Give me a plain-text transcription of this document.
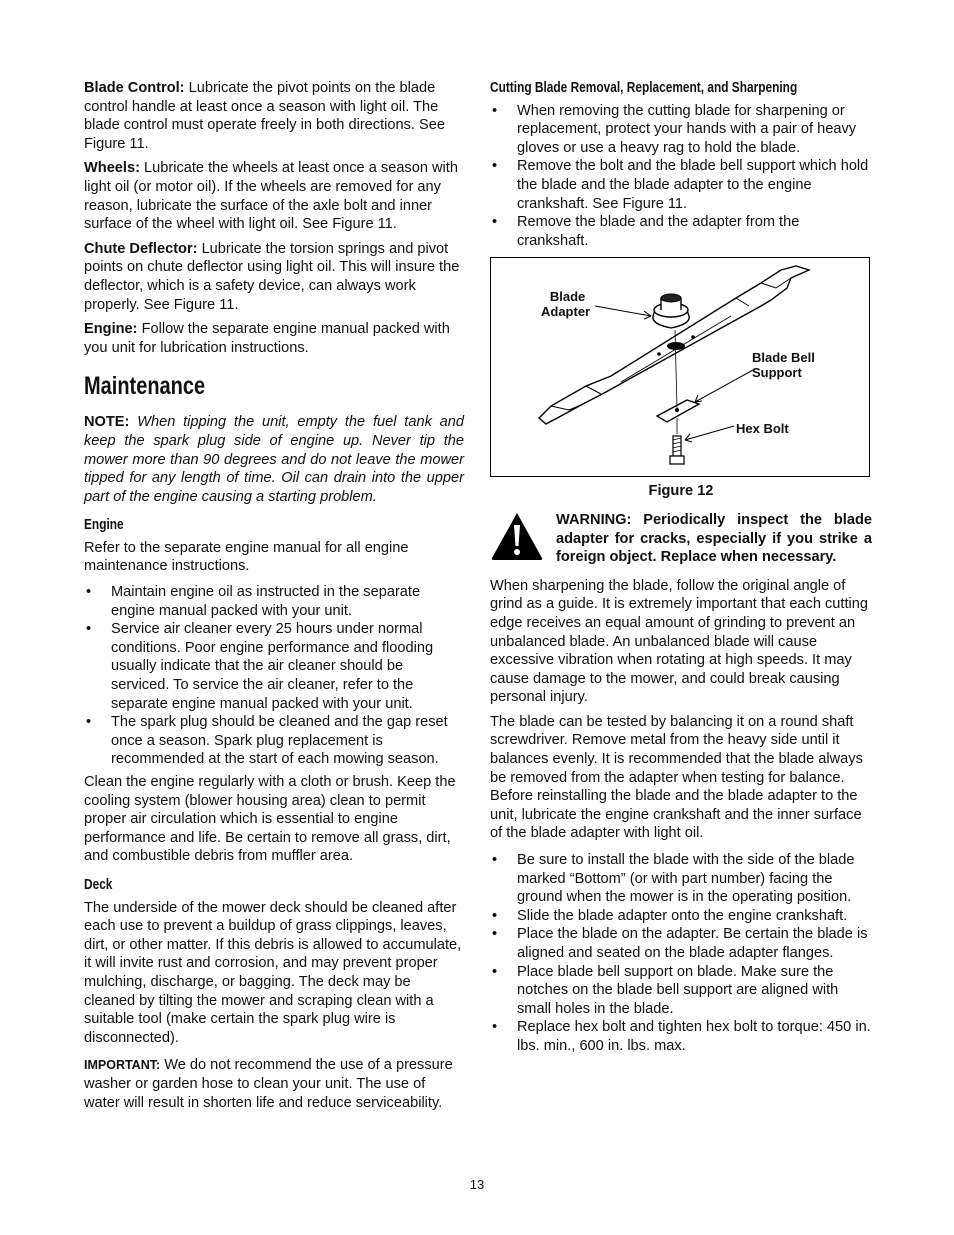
Blade Control: Lubricate the pivot points on the blade control handle at least once a season with light oil. The blade control must operate freely in both directions. See Figure 11.

Wheels: Lubricate the wheels at least once a season with light oil (or motor oil). If the wheels are removed for any reason, lubricate the surface of the axle bolt and inner surface of the wheel with light oil. See Figure 11.

Chute Deflector: Lubricate the torsion springs and pivot points on chute deflector using light oil. This will insure the deflector, which is a safety device, can always work properly. See Figure 11.

Engine: Follow the separate engine manual packed with you unit for lubrication instructions.

Maintenance

NOTE: When tipping the unit, empty the fuel tank and keep the spark plug side of engine up. Never tip the mower more than 90 degrees and do not leave the mower tipped for any length of time. Oil can drain into the upper part of the engine causing a starting problem.

Engine

Refer to the separate engine manual for all engine maintenance instructions.

• Maintain engine oil as instructed in the separate engine manual packed with your unit.
• Service air cleaner every 25 hours under normal conditions. Poor engine performance and flooding usually indicate that the air cleaner should be serviced. To service the air cleaner, refer to the separate engine manual packed with your unit.
• The spark plug should be cleaned and the gap reset once a season. Spark plug replacement is recommended at the start of each mowing season.

Clean the engine regularly with a cloth or brush. Keep the cooling system (blower housing area) clean to permit proper air circulation which is essential to engine performance and life. Be certain to remove all grass, dirt, and combustible debris from muffler area.

Deck

The underside of the mower deck should be cleaned after each use to prevent a buildup of grass clippings, leaves, dirt, or other matter. If this debris is allowed to accumulate, it will invite rust and corrosion, and may prevent proper mulching, discharge, or bagging. The deck may be cleaned by tilting the mower and scraping clean with a suitable tool (make certain the spark plug wire is disconnected).

IMPORTANT: We do not recommend the use of a pressure washer or garden hose to clean your unit. The use of water will result in shorten life and reduce serviceability.

Cutting Blade Removal, Replacement, and Sharpening
• When removing the cutting blade for sharpening or replacement, protect your hands with a pair of heavy gloves or use a heavy rag to hold the blade.
• Remove the bolt and the blade bell support which hold the blade and the blade adapter to the engine crankshaft. See Figure 11.
• Remove the blade and the adapter from the crankshaft.
Blade
Adapter
Blade Bell
Support
Hex Bolt
Figure 12
WARNING: Periodically inspect the blade adapter for cracks, especially if you strike a foreign object. Replace when necessary.

When sharpening the blade, follow the original angle of grind as a guide. It is extremely important that each cutting edge receives an equal amount of grinding to prevent an unbalanced blade. An unbalanced blade will cause excessive vibration when rotating at high speeds. It may cause damage to the mower, and could break causing personal injury.

The blade can be tested by balancing it on a round shaft screwdriver. Remove metal from the heavy side until it balances evenly. It is recommended that the blade always be removed from the adapter when testing for balance. Before reinstalling the blade and the blade adapter to the unit, lubricate the engine crankshaft and the inner surface of the blade adapter with light oil.

• Be sure to install the blade with the side of the blade marked “Bottom” (or with part number) facing the ground when the mower is in the operating position.
• Slide the blade adapter onto the engine crankshaft.
• Place the blade on the adapter. Be certain the blade is aligned and seated on the blade adapter flanges.
• Place blade bell support on blade. Make sure the notches on the blade bell support are aligned with small holes in the blade.
• Replace hex bolt and tighten hex bolt to torque: 450 in. lbs. min., 600 in. lbs. max.
13
